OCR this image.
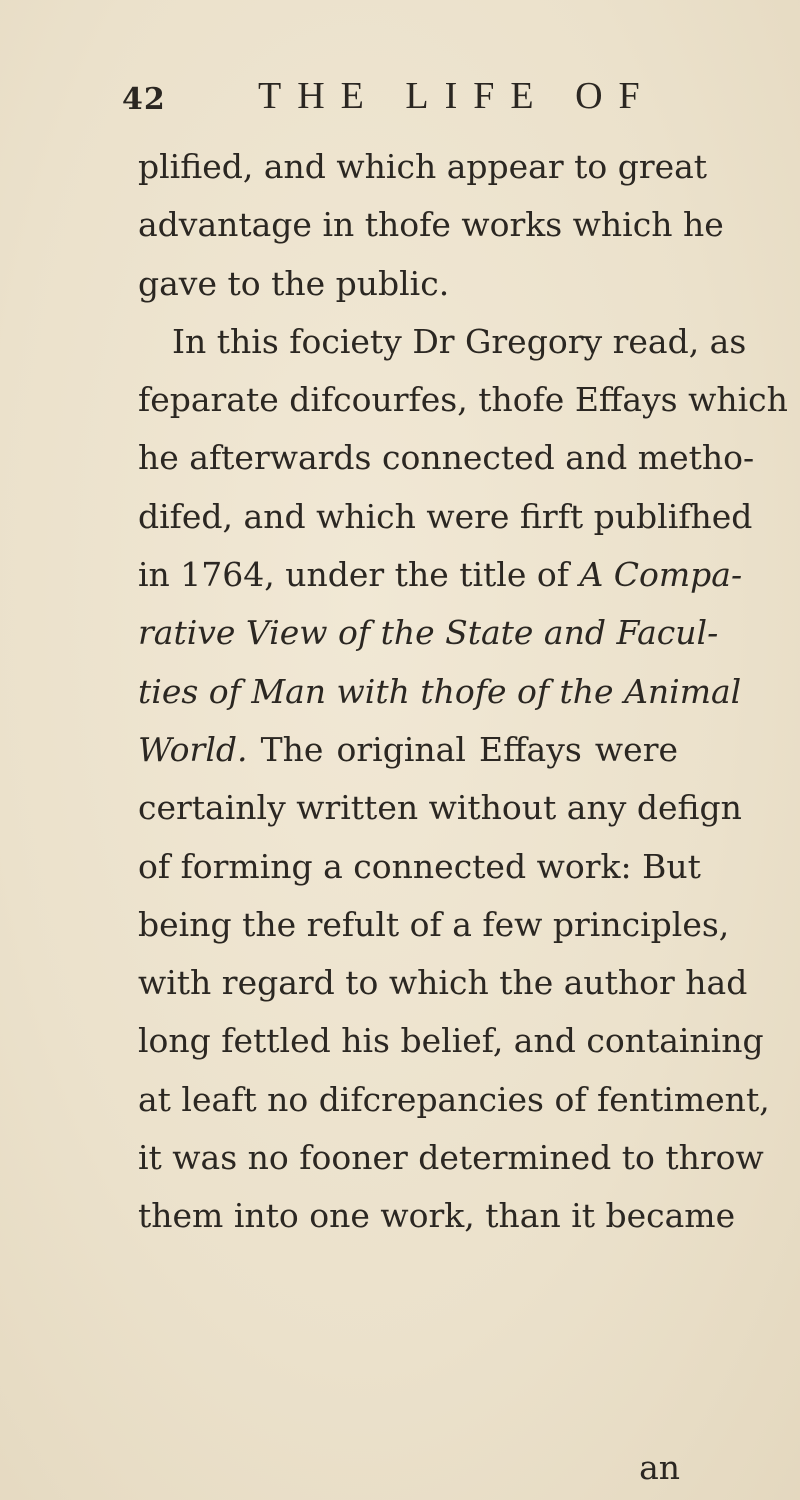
42 THE LIFE OF
plified, and which appear to great
advantage in thofe works which he
gave to the public.
In this fociety Dr Gregory read, as
feparate difcourfes, thofe Effays which
he afterwards connected and metho-
difed, and which were firft publifhed
in 1764, under the title of A Compa-
rative View of the State and Facul-
ties of Man with thofe of the Animal
World. The original Effays were
certainly written without any defign
of forming a connected work: But
being the refult of a few principles,
with regard to which the author had
long fettled his belief, and containing
at leaft no difcrepancies of fentiment,
it was no fooner determined to throw
them into one work, than it became
an
